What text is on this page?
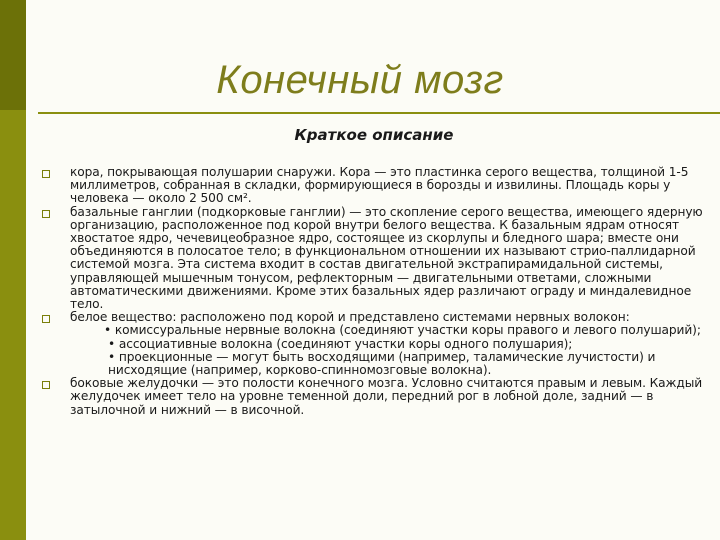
Конечный мозг
Краткое описание
кора, покрывающая полушарии снаружи. Кора — это пластинка серого вещества, толщиной 1-5 миллиметров, собранная в складки, формирующиеся в борозды и извилины. Площадь коры у человека — около 2 500 см².
базальные ганглии (подкорковые ганглии) — это скопление серого вещества, имеющего ядерную организацию, расположенное под корой внутри белого вещества. К базальным ядрам относят хвостатое ядро, чечевицеобразное ядро, состоящее из скорлупы и бледного шара; вместе они объединяются в полосатое тело; в функциональном отношении их называют стрио-паллидарной системой мозга. Эта система входит в состав двигательной экстрапирамидальной системы, управляющей мышечным тонусом, рефлекторным — двигательными ответами, сложными автоматическими движениями. Кроме этих базальных ядер различают ограду и миндалевидное тело.
белое вещество: расположено под корой и представлено системами нервных волокон:
• комиссуральные нервные волокна (соединяют участки коры правого и левого полушарий);
• ассоциативные волокна (соединяют участки коры одного полушария);
• проекционные — могут быть восходящими (например, таламические лучистости) и нисходящие (например, корково-спинномозговые волокна).
боковые желудочки — это полости конечного мозга. Условно считаются правым и левым. Каждый желудочек имеет тело на уровне теменной доли, передний рог в лобной доле, задний — в затылочной и нижний — в височной.
